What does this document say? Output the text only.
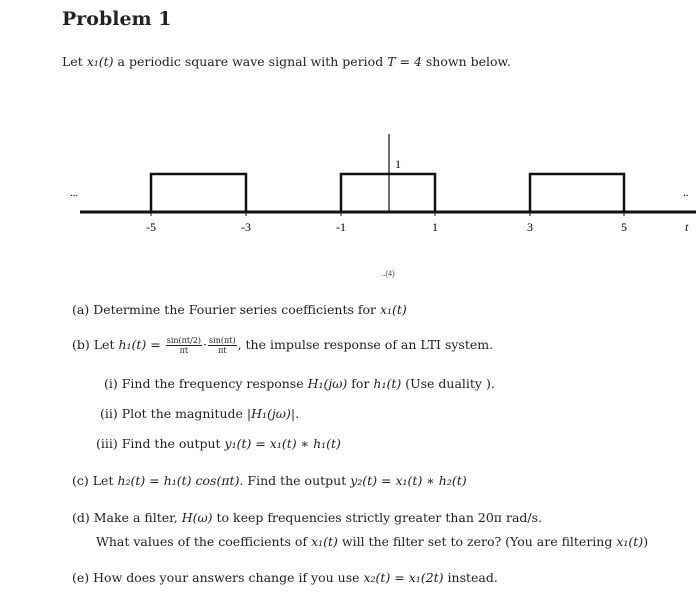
Problem 1
Let x₁(t) a periodic square wave signal with period T = 4 shown below.
...	..
1
t
-5	-3	-1	1	3	5
..(4)
(a) Determine the Fourier series coefficients for x₁(t)
(b) Let $h_1(t) = \frac{\sin(\pi t/2)}{\pi t} \cdot \frac{\sin(\pi t)}{\pi t}$ , the impulse response of an LTI system.
(i) Find the frequency response H₁(jω) for h₁(t) (Use duality ).
(ii) Plot the magnitude |H₁(jω)|.
(iii) Find the output y₁(t) = x₁(t) ∗ h₁(t)
(c) Let h₂(t) = h₁(t) cos(πt). Find the output y₂(t) = x₁(t) ∗ h₂(t)
(d) Make a filter, H(ω) to keep frequencies strictly greater than 20π rad/s.
What values of the coefficients of x₁(t) will the filter set to zero? (You are filtering x₁(t))
(e) How does your answers change if you use x₂(t) = x₁(2t) instead.
